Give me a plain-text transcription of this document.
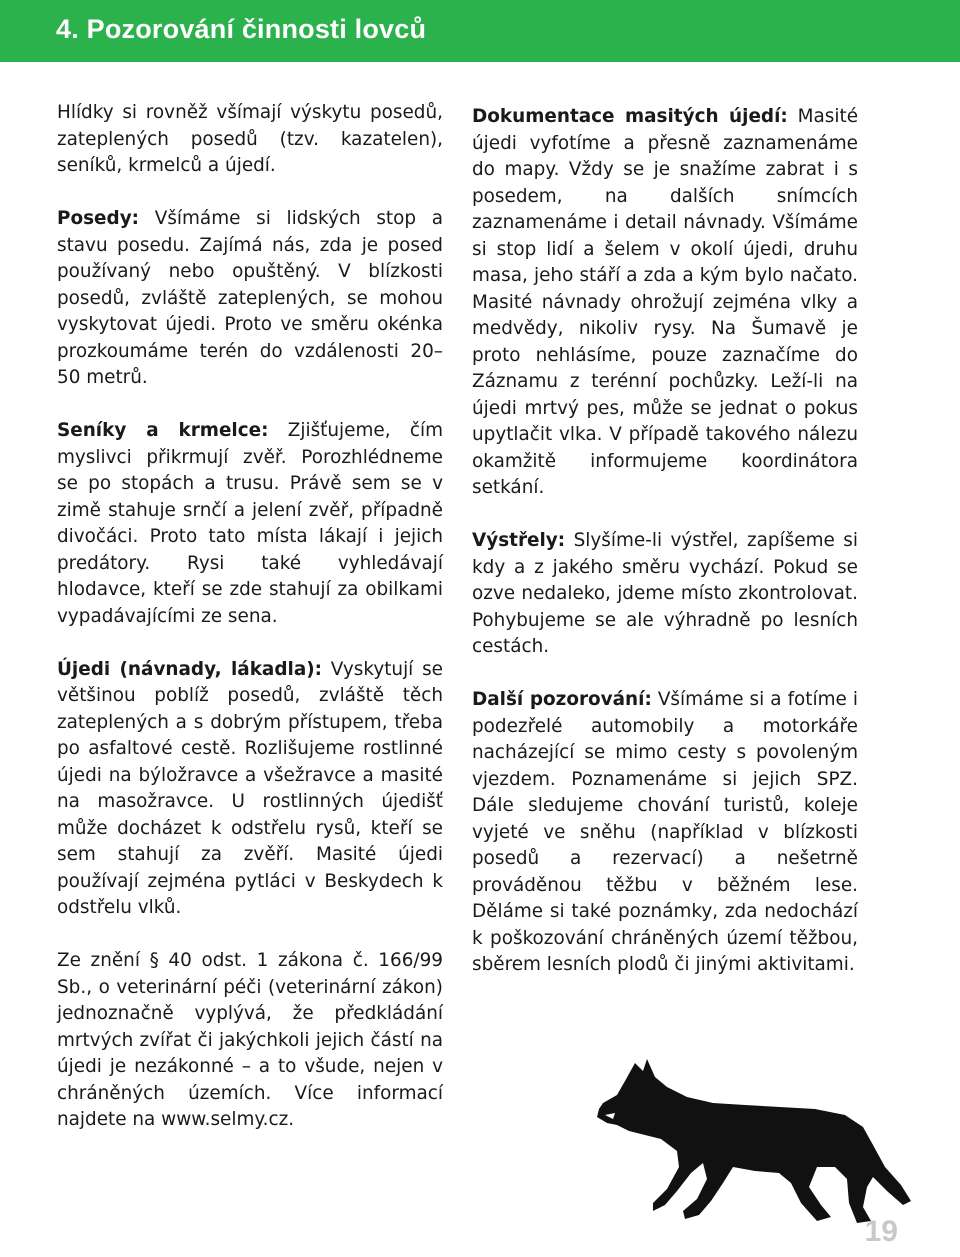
4. Pozorování činnosti lovců

Hlídky si rovněž všímají výskytu posedů, zateplených posedů (tzv. kazatelen), seníků, krmelců a újedí.

Posedy: Všímáme si lidských stop a stavu posedu. Zajímá nás, zda je posed používaný nebo opuštěný. V blízkosti posedů, zvláště zateplených, se mohou vyskytovat újedi. Proto ve směru okénka prozkoumáme terén do vzdálenosti 20–50 metrů.

Seníky a krmelce: Zjišťujeme, čím myslivci přikrmují zvěř. Porozhlédneme se po stopách a trusu. Právě sem se v zimě stahuje srnčí a jelení zvěř, případně divočáci. Proto tato místa lákají i jejich predátory. Rysi také vyhledávají hlodavce, kteří se zde stahují za obilkami vypadávajícími ze sena.

Újedi (návnady, lákadla): Vyskytují se většinou poblíž posedů, zvláště těch zateplených a s dobrým přístupem, třeba po asfaltové cestě. Rozlišujeme rostlinné újedi na býložravce a všežravce a masité na masožravce. U rostlinných újedišť může docházet k odstřelu rysů, kteří se sem stahují za zvěří. Masité újedi používají zejména pytláci v Beskydech k odstřelu vlků.

Ze znění § 40 odst. 1 zákona č. 166/99 Sb., o veterinární péči (veterinární zákon) jednoznačně vyplývá, že předkládání mrtvých zvířat či jakýchkoli jejich částí na újedi je nezákonné – a to všude, nejen v chráněných územích. Více informací najdete na www.selmy.cz.

Dokumentace masitých újedí: Masité újedi vyfotíme a přesně zaznamenáme do mapy. Vždy se je snažíme zabrat i s posedem, na dalších snímcích zaznamenáme i detail návnady. Všímáme si stop lidí a šelem v okolí újedi, druhu masa, jeho stáří a zda a kým bylo načato. Masité návnady ohrožují zejména vlky a medvědy, nikoliv rysy. Na Šumavě je proto nehlásíme, pouze zaznačíme do Záznamu z terénní pochůzky. Leží-li na újedi mrtvý pes, může se jednat o pokus upytlačit vlka. V případě takového nálezu okamžitě informujeme koordinátora setkání.

Výstřely: Slyšíme-li výstřel, zapíšeme si kdy a z jakého směru vychází. Pokud se ozve nedaleko, jdeme místo zkontrolovat. Pohybujeme se ale výhradně po lesních cestách.

Další pozorování: Všímáme si a fotíme i podezřelé automobily a motorkáře nacházející se mimo cesty s povoleným vjezdem. Poznamenáme si jejich SPZ. Dále sledujeme chování turistů, koleje vyjeté ve sněhu (například v blízkosti posedů a rezervací) a nešetrně prováděnou těžbu v běžném lese. Děláme si také poznámky, zda nedochází k poškozování chráněných území těžbou, sběrem lesních plodů či jinými aktivitami.

19
